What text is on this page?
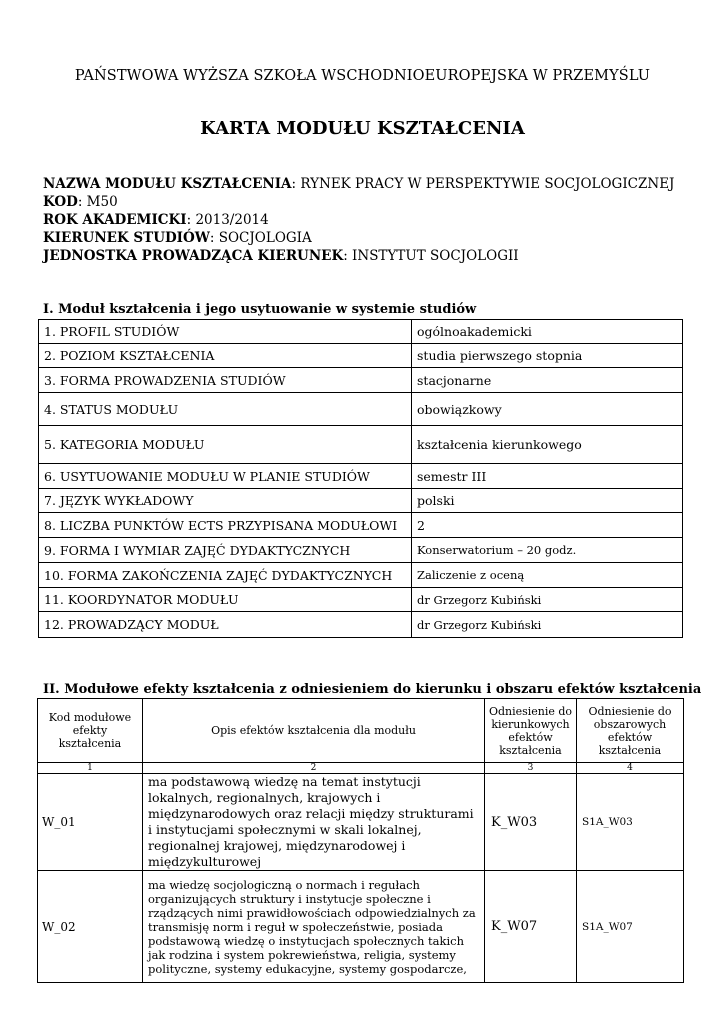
PAŃSTWOWA WYŻSZA SZKOŁA WSCHODNIOEUROPEJSKA W PRZEMYŚLU
KARTA MODUŁU KSZTAŁCENIA
NAZWA MODUŁU KSZTAŁCENIA: RYNEK PRACY W PERSPEKTYWIE SOCJOLOGICZNEJ
KOD: M50
ROK AKADEMICKI: 2013/2014
KIERUNEK STUDIÓW: SOCJOLOGIA
JEDNOSTKA PROWADZĄCA KIERUNEK: INSTYTUT SOCJOLOGII
I. Moduł kształcenia i jego usytuowanie w systemie studiów
1. PROFIL STUDIÓW	ogólnoakademicki
2. POZIOM KSZTAŁCENIA	studia pierwszego stopnia
3. FORMA PROWADZENIA STUDIÓW	stacjonarne
4. STATUS MODUŁU	obowiązkowy
5. KATEGORIA MODUŁU	kształcenia kierunkowego
6. USYTUOWANIE MODUŁU W PLANIE STUDIÓW	semestr III
7. JĘZYK WYKŁADOWY	polski
8. LICZBA PUNKTÓW ECTS PRZYPISANA MODUŁOWI	2
9. FORMA I WYMIAR ZAJĘĆ DYDAKTYCZNYCH	Konserwatorium – 20 godz.
10. FORMA ZAKOŃCZENIA ZAJĘĆ DYDAKTYCZNYCH	Zaliczenie z oceną
11. KOORDYNATOR MODUŁU	dr Grzegorz Kubiński
12. PROWADZĄCY MODUŁ	dr Grzegorz Kubiński
II. Modułowe efekty kształcenia z odniesieniem do kierunku i obszaru efektów kształcenia
Kod modułowe efekty kształcenia	Opis efektów kształcenia dla modułu	Odniesienie do kierunkowych efektów kształcenia	Odniesienie do obszarowych efektów kształcenia
1	2	3	4
W_01	ma podstawową wiedzę na temat instytucji lokalnych, regionalnych, krajowych i międzynarodowych oraz relacji między strukturami i instytucjami społecznymi w skali lokalnej, regionalnej krajowej, międzynarodowej i międzykulturowej	K_W03	S1A_W03
W_02	ma wiedzę socjologiczną o normach i regułach organizujących struktury i instytucje społeczne i rządzących nimi prawidłowościach odpowiedzialnych za transmisję norm i reguł w społeczeństwie, posiada podstawową wiedzę o instytucjach społecznych takich jak rodzina i system pokrewieństwa, religia, systemy polityczne, systemy edukacyjne, systemy gospodarcze,	K_W07	S1A_W07
